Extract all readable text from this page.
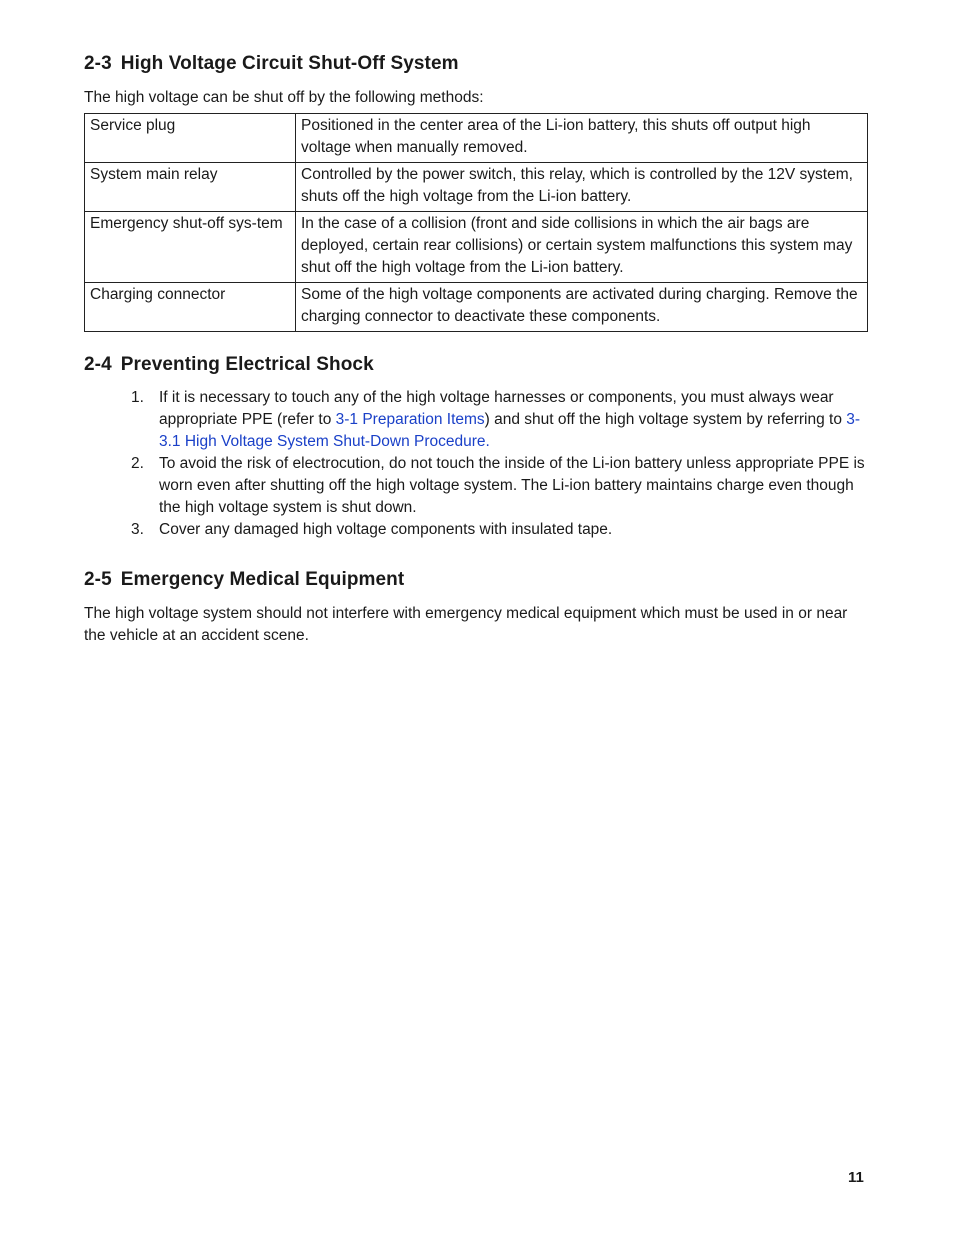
2-3 High Voltage Circuit Shut-Off System

The high voltage can be shut off by the following methods:

Service plug	Positioned in the center area of the Li-ion battery, this shuts off output high voltage when manually removed.
System main relay	Controlled by the power switch, this relay, which is controlled by the 12V system, shuts off the high voltage from the Li-ion battery.
Emergency shut-off sys-tem	In the case of a collision (front and side collisions in which the air bags are deployed, certain rear collisions) or certain system malfunctions this system may shut off the high voltage from the Li-ion battery.
Charging connector	Some of the high voltage components are activated during charging. Remove the charging connector to deactivate these components.
2-4 Preventing Electrical Shock
1. If it is necessary to touch any of the high voltage harnesses or components, you must always wear appropriate PPE (refer to 3-1 Preparation Items) and shut off the high voltage system by referring to 3-3.1 High Voltage System Shut-Down Procedure.
2. To avoid the risk of electrocution, do not touch the inside of the Li-ion battery unless appropriate PPE is worn even after shutting off the high voltage system. The Li-ion battery maintains charge even though the high voltage system is shut down.
3. Cover any damaged high voltage components with insulated tape.
2-5 Emergency Medical Equipment

The high voltage system should not interfere with emergency medical equipment which must be used in or near the vehicle at an accident scene.

11
